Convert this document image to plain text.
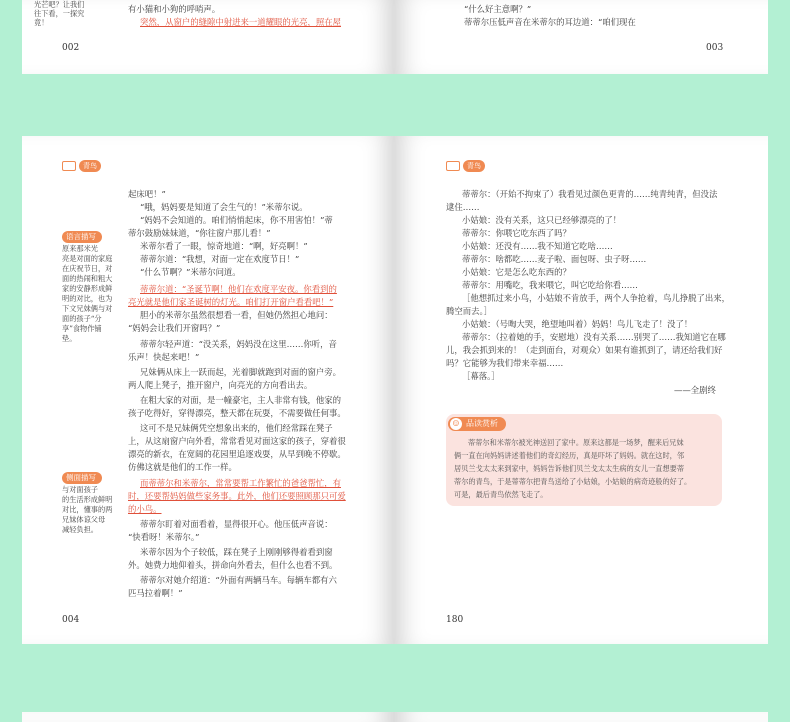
光芒吧？让我们
往下看，一探究
竟！
有小猫和小狗的呼哨声。
突然，从窗户的缝隙中射进来一道耀眼的光亮，照在屋
002
“什么好主意啊？”
蒂蒂尔压低声音在米蒂尔的耳边道：“咱们现在
003
青鸟
语言描写
原来那米光
亮是对面的家庭
在庆祝节日，对
面的热闹和粗大
家的安静形成鲜
明的对比，也为
下文兄妹俩与对
面的孩子“分
享”食物作铺
垫。
侧面描写
与对面孩子
的生活形成鲜明
对比，懂事的两
兄妹体谅父母
减轻负担。
起床吧！”
“哦，妈妈要是知道了会生气的！”米蒂尔说。
“妈妈不会知道的。咱们悄悄起床，你不用害怕！”蒂
蒂尔鼓励妹妹道，“你往窗户那儿看！”
米蒂尔看了一眼，惊奇地道：“啊，好亮啊！”
蒂蒂尔道：“我想，对面一定在欢度节日！”
“什么节啊？”米蒂尔问道。
蒂蒂尔道：“圣诞节啊！他们在欢度平安夜。你看到的
亮光就是他们家圣诞树的灯光。咱们打开窗户看看吧！”
胆小的米蒂尔虽然很想看一看，但她仍然担心地问：
“妈妈会让我们开窗吗？”
蒂蒂尔轻声道：“没关系，妈妈没在这里……你听，音
乐声！快起来吧！”
兄妹俩从床上一跃而起，光着脚就跑到对面的窗户旁。
两人爬上凳子，推开窗户，向亮光的方向看出去。
在粗大家的对面，是一幢豪宅，主人非常有钱，他家的
孩子吃得好，穿得漂亮，整天都在玩耍，不需要做任何事。
这可不是兄妹俩凭空想象出来的，他们经常踩在凳子
上，从这扇窗户向外看，常常看见对面这家的孩子，穿着很
漂亮的新衣，在宽阔的花园里追逐戏耍，从早到晚不停歇。
仿佛这就是他们的工作一样。
而蒂蒂尔和米蒂尔，常常要帮工作繁忙的爸爸帮忙，有
时，还要帮妈妈做些家务事。此外，他们还要照顾那只可爱
的小鸟。
蒂蒂尔盯着对面看着，显得很开心。他压低声音说：
“快看呀！米蒂尔。”
米蒂尔因为个子较低，踩在凳子上刚刚够得着看到窗
外。她费力地仰着头，拼命向外看去，但什么也看不到。
蒂蒂尔对她介绍道：“外面有两辆马车。每辆车都有六
匹马拉着啊！”
004
青鸟
蒂蒂尔：（开始不拘束了）我看见过颜色更青的……纯青纯青，但没法
逮住……
小姑娘：没有关系，这只已经够漂亮的了！
蒂蒂尔：你喂它吃东西了吗？
小姑娘：还没有……我不知道它吃啥……
蒂蒂尔：啥都吃……麦子啦、面包呀、虫子呀……
小姑娘：它是怎么吃东西的？
蒂蒂尔：用嘴吃，我来喂它，叫它吃给你看……
［他想抓过来小鸟，小姑娘不肯放手，两个人争抢着，鸟儿挣脱了出来，
腾空而去。］
小姑娘：（号啕大哭，绝望地叫着）妈妈！鸟儿飞走了！没了！
蒂蒂尔：（拉着她的手，安慰地）没有关系……别哭了……我知道它在哪
儿，我会抓到来的！（走到面台，对观众）如果有谁抓到了，请还给我们好
吗？它能够为我们带来幸福……
［幕落。］
——全剧终
☺ 品读赏析
蒂蒂尔和米蒂尔被光神送回了家中。原来这都是一场梦，醒来后兄妹
俩一直在向妈妈讲述着他们的奇幻经历，真是吓坏了妈妈。就在这时，邻
居贝兰戈太太来到家中，妈妈告诉他们贝兰戈太太生病的女儿一直想要蒂
蒂尔的青鸟，于是蒂蒂尔把青鸟送给了小姑娘，小姑娘的病奇迹般的好了。
可是，最后青鸟依然飞走了。
180
